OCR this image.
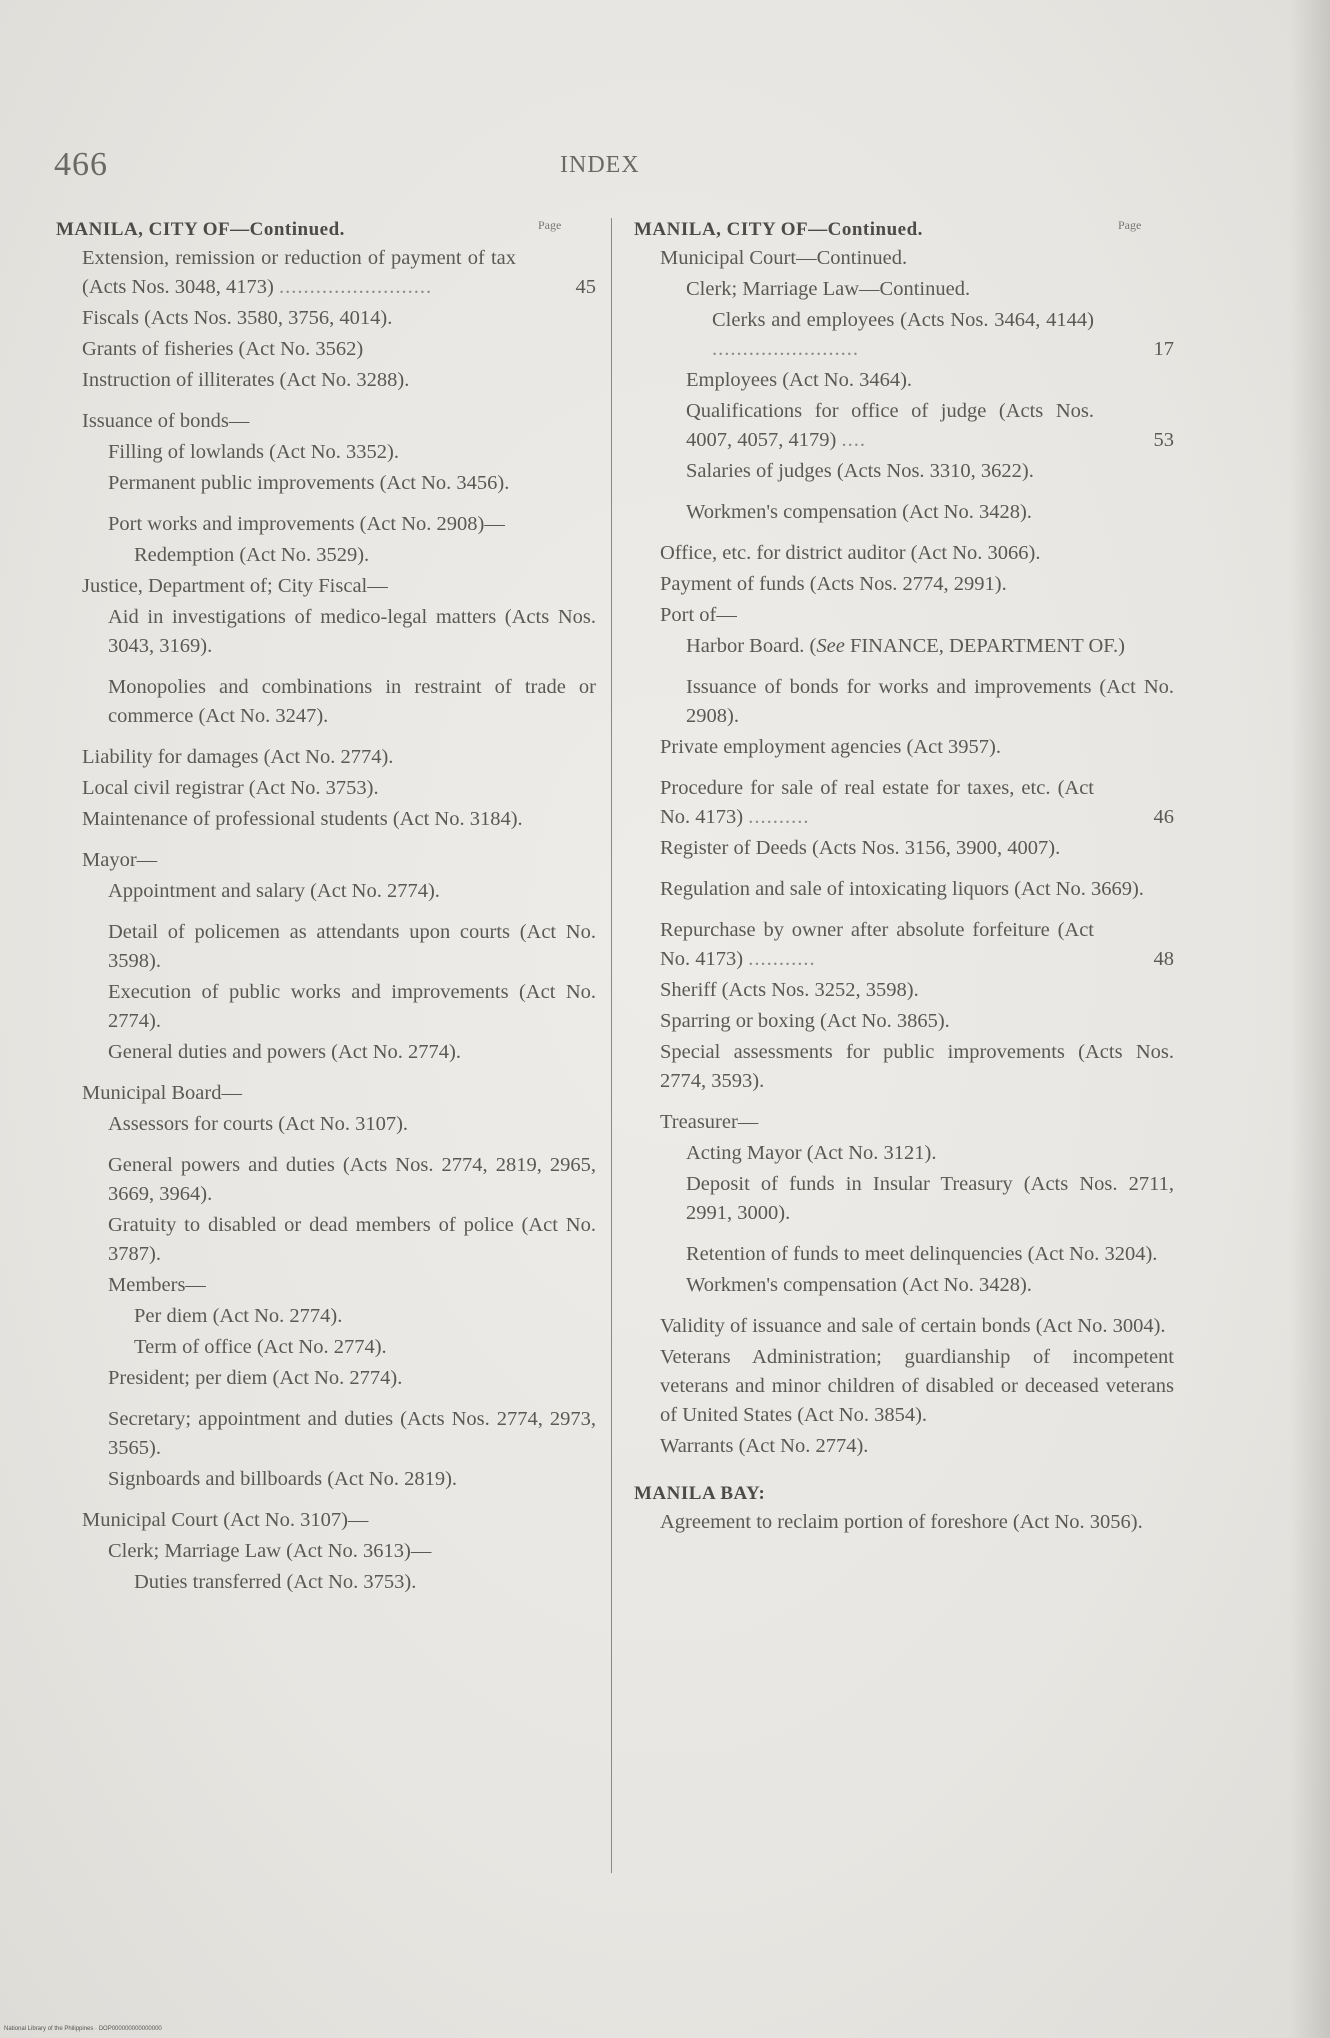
466	INDEX
Page	Page
MANILA, CITY OF—Continued.
Extension, remission or reduction of payment of tax (Acts Nos. 3048, 4173) .........................	45
Fiscals (Acts Nos. 3580, 3756, 4014).
Grants of fisheries (Act No. 3562)
Instruction of illiterates (Act No. 3288).
Issuance of bonds—
Filling of lowlands (Act No. 3352).
Permanent public improvements (Act No. 3456).
Port works and improvements (Act No. 2908)—
Redemption (Act No. 3529).
Justice, Department of; City Fiscal—
Aid in investigations of medico-legal matters (Acts Nos. 3043, 3169).
Monopolies and combinations in restraint of trade or commerce (Act No. 3247).
Liability for damages (Act No. 2774).
Local civil registrar (Act No. 3753).
Maintenance of professional students (Act No. 3184).
Mayor—
Appointment and salary (Act No. 2774).
Detail of policemen as attendants upon courts (Act No. 3598).
Execution of public works and improvements (Act No. 2774).
General duties and powers (Act No. 2774).
Municipal Board—
Assessors for courts (Act No. 3107).
General powers and duties (Acts Nos. 2774, 2819, 2965, 3669, 3964).
Gratuity to disabled or dead members of police (Act No. 3787).
Members—
Per diem (Act No. 2774).
Term of office (Act No. 2774).
President; per diem (Act No. 2774).
Secretary; appointment and duties (Acts Nos. 2774, 2973, 3565).
Signboards and billboards (Act No. 2819).
Municipal Court (Act No. 3107)—
Clerk; Marriage Law (Act No. 3613)—
Duties transferred (Act No. 3753).
MANILA, CITY OF—Continued.
Municipal Court—Continued.
Clerk; Marriage Law—Continued.
Clerks and employees (Acts Nos. 3464, 4144) ........................	17
Employees (Act No. 3464).
Qualifications for office of judge (Acts Nos. 4007, 4057, 4179) ....	53
Salaries of judges (Acts Nos. 3310, 3622).
Workmen's compensation (Act No. 3428).
Office, etc. for district auditor (Act No. 3066).
Payment of funds (Acts Nos. 2774, 2991).
Port of—
Harbor Board. (See FINANCE, DEPARTMENT OF.)
Issuance of bonds for works and improvements (Act No. 2908).
Private employment agencies (Act 3957).
Procedure for sale of real estate for taxes, etc. (Act No. 4173) ..........	46
Register of Deeds (Acts Nos. 3156, 3900, 4007).
Regulation and sale of intoxicating liquors (Act No. 3669).
Repurchase by owner after absolute forfeiture (Act No. 4173) ...........	48
Sheriff (Acts Nos. 3252, 3598).
Sparring or boxing (Act No. 3865).
Special assessments for public improvements (Acts Nos. 2774, 3593).
Treasurer—
Acting Mayor (Act No. 3121).
Deposit of funds in Insular Treasury (Acts Nos. 2711, 2991, 3000).
Retention of funds to meet delinquencies (Act No. 3204).
Workmen's compensation (Act No. 3428).
Validity of issuance and sale of certain bonds (Act No. 3004).
Veterans Administration; guardianship of incompetent veterans and minor children of disabled or deceased veterans of United States (Act No. 3854).
Warrants (Act No. 2774).
MANILA BAY:
Agreement to reclaim portion of foreshore (Act No. 3056).
National Library of the Philippines · DOP000000000000000
